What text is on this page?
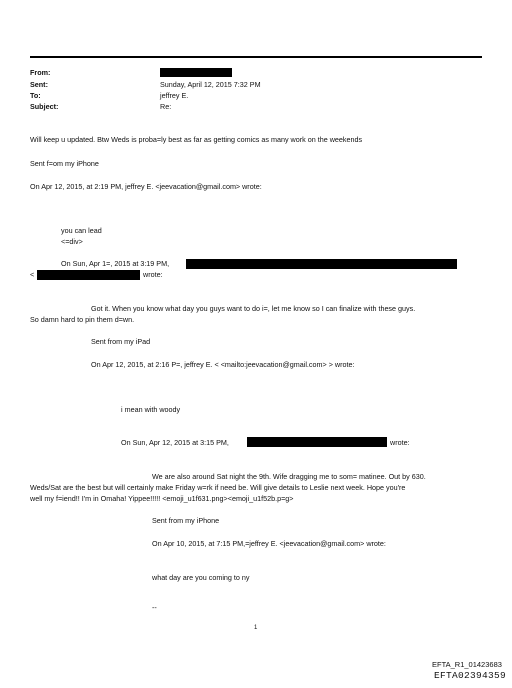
From:
Sent:	Sunday, April 12, 2015 7:32 PM
To:	jeffrey E.
Subject:	Re:
Will keep u updated. Btw Weds is proba=ly best as far as getting comics as many work on the weekends
Sent f=om my iPhone
On Apr 12, 2015, at 2:19 PM, jeffrey E. <jeevacation@gmail.com> wrote:
you can lead
<=div>
On Sun, Apr 1=, 2015 at 3:19 PM,
<	wrote:
Got it. When you know what day you guys want to do i=, let me know so I can finalize with these guys.
So damn hard to pin them d=wn.
Sent from my iPad
On Apr 12, 2015, at 2:16 P=, jeffrey E. < <mailto:jeevacation@gmail.com> > wrote:
i mean with woody
On Sun, Apr 12, 2015 at 3:15 PM,	wrote:
We are also around Sat night the 9th. Wife dragging me to som= matinee. Out by 630.
Weds/Sat are the best but will certainly make Friday w=rk if need be. Will give details to Leslie next week. Hope you're
well my f=iend!! I'm in Omaha! Yippee!!!!! <emoji_u1f631.png><emoji_u1f52b.p=g>
Sent from my iPhone
On Apr 10, 2015, at 7:15 PM,=jeffrey E. <jeevacation@gmail.com> wrote:
what day are you coming to ny
--
1
EFTA_R1_01423683
EFTA02394359
